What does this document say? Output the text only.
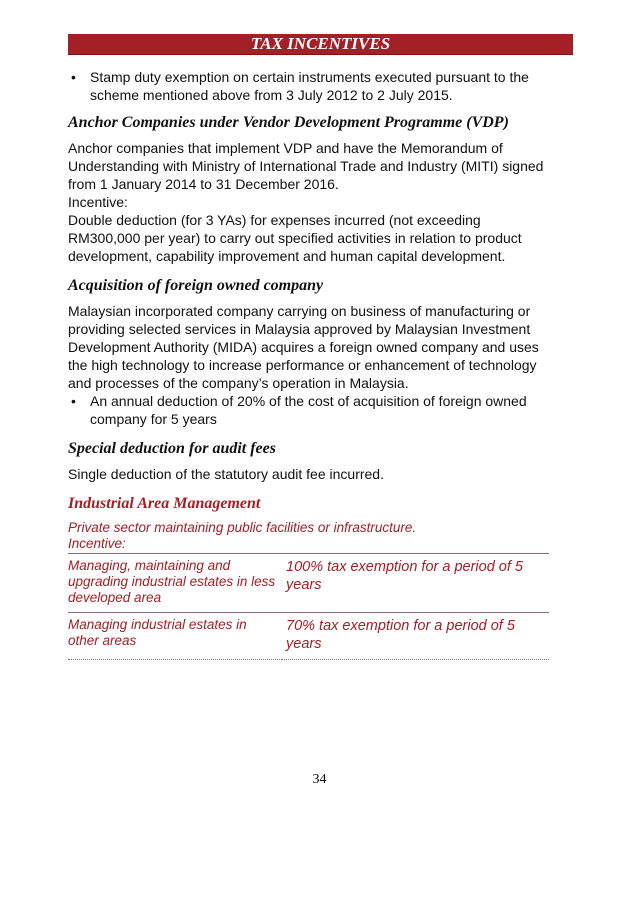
TAX INCENTIVES
• Stamp duty exemption on certain instruments executed pursuant to the scheme mentioned above from 3 July 2012 to 2 July 2015.
Anchor Companies under Vendor Development Programme (VDP)

Anchor companies that implement VDP and have the Memorandum of

Understanding with Ministry of International Trade and Industry (MITI) signed

from 1 January 2014 to 31 December 2016.

Incentive:

Double deduction (for 3 YAs) for expenses incurred (not exceeding

RM300,000 per year) to carry out specified activities in relation to product

development, capability improvement and human capital development.

Acquisition of foreign owned company

Malaysian incorporated company carrying on business of manufacturing or

providing selected services in Malaysia approved by Malaysian Investment

Development Authority (MIDA) acquires a foreign owned company and uses

the high technology to increase performance or enhancement of technology

and processes of the company’s operation in Malaysia.

• An annual deduction of 20% of the cost of acquisition of foreign owned company for 5 years
Special deduction for audit fees

Single deduction of the statutory audit fee incurred.

Industrial Area Management
Private sector maintaining public facilities or infrastructure.
Incentive:
Managing, maintaining and upgrading industrial estates in less developed area	100% tax exemption for a period of 5 years
Managing industrial estates in other areas	70% tax exemption for a period of 5 years
34
